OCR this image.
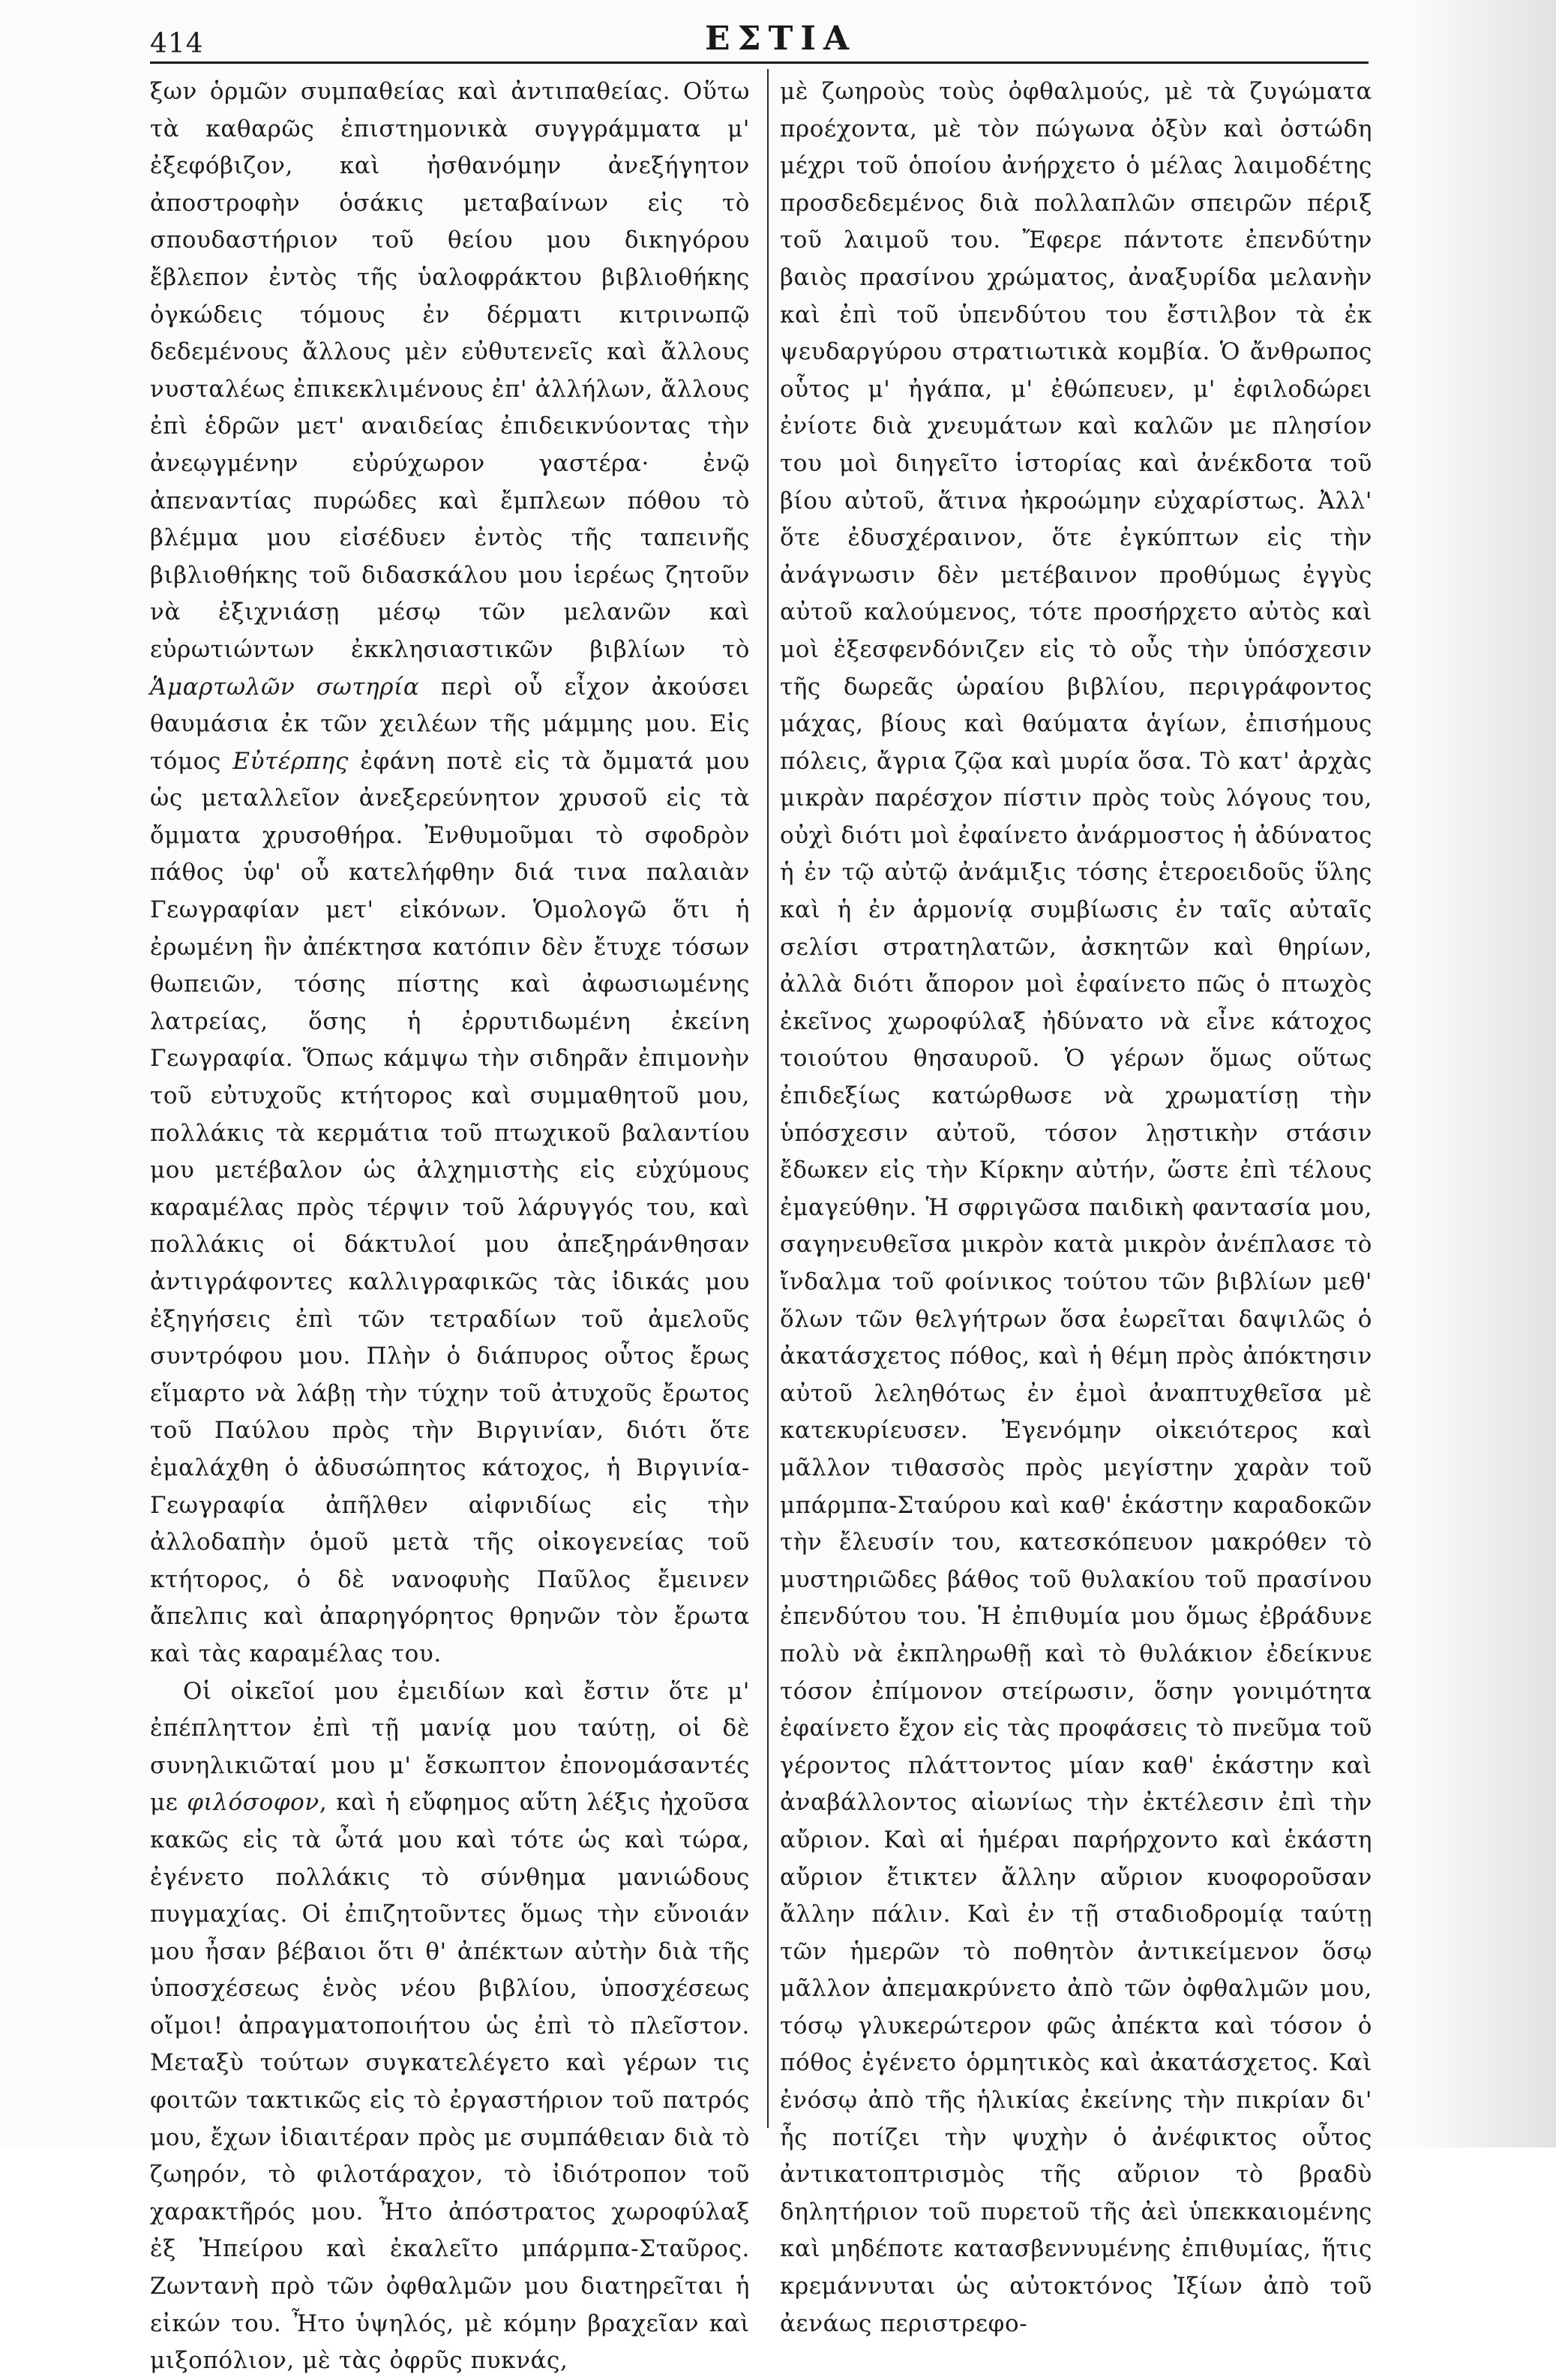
414	ΕΣΤΙΑ

ξων ὁρμῶν συμπαθείας καὶ ἀντιπαθείας. Οὕτω τὰ καθαρῶς ἐπιστημονικὰ συγγράμματα μ' ἐξεφόβιζον, καὶ ἠσθανόμην ἀνεξήγητον ἀποστροφὴν ὁσάκις μεταβαίνων εἰς τὸ σπουδαστήριον τοῦ θείου μου δικηγόρου ἔβλεπον ἐντὸς τῆς ὑαλοφράκτου βιβλιοθήκης ὀγκώδεις τόμους ἐν δέρματι κιτρινωπῷ δεδεμένους ἄλλους μὲν εὐθυτενεῖς καὶ ἄλλους νυσταλέως ἐπικεκλιμένους ἐπ' ἀλλήλων, ἄλλους ἐπὶ ἑδρῶν μετ' αναιδείας ἐπιδεικνύοντας τὴν ἀνεῳγμένην εὐρύχωρον γαστέρα· ἐνῷ ἀπεναντίας πυρώδες καὶ ἔμπλεων πόθου τὸ βλέμμα μου εἰσέδυεν ἐντὸς τῆς ταπεινῆς βιβλιοθήκης τοῦ διδασκάλου μου ἱερέως ζητοῦν νὰ ἐξιχνιάσῃ μέσῳ τῶν μελανῶν καὶ εὐρωτιώντων ἐκκλησιαστικῶν βιβλίων τὸ Ἁμαρτωλῶν σωτηρία περὶ οὗ εἶχον ἀκούσει θαυμάσια ἐκ τῶν χειλέων τῆς μάμμης μου. Εἰς τόμος Εὐτέρπης ἐφάνη ποτὲ εἰς τὰ ὄμματά μου ὡς μεταλλεῖον ἀνεξερεύνητον χρυσοῦ εἰς τὰ ὄμματα χρυσοθήρα. Ἐνθυμοῦμαι τὸ σφοδρὸν πάθος ὑφ' οὗ κατελήφθην διά τινα παλαιὰν Γεωγραφίαν μετ' εἰκόνων. Ὁμολογῶ ὅτι ἡ ἐρωμένη ἣν ἀπέκτησα κατόπιν δὲν ἔτυχε τόσων θωπειῶν, τόσης πίστης καὶ ἀφωσιωμένης λατρείας, ὅσης ἡ ἐρρυτιδωμένη ἐκείνη Γεωγραφία. Ὅπως κάμψω τὴν σιδηρᾶν ἐπιμονὴν τοῦ εὐτυχοῦς κτήτορος καὶ συμμαθητοῦ μου, πολλάκις τὰ κερμάτια τοῦ πτωχικοῦ βαλαντίου μου μετέβαλον ὡς ἀλχημιστὴς εἰς εὐχύμους καραμέλας πρὸς τέρψιν τοῦ λάρυγγός του, καὶ πολλάκις οἱ δάκτυλοί μου ἀπεξηράνθησαν ἀντιγράφοντες καλλιγραφικῶς τὰς ἰδικάς μου ἐξηγήσεις ἐπὶ τῶν τετραδίων τοῦ ἀμελοῦς συντρόφου μου. Πλὴν ὁ διάπυρος οὗτος ἔρως εἵμαρτο νὰ λάβῃ τὴν τύχην τοῦ ἀτυχοῦς ἔρωτος τοῦ Παύλου πρὸς τὴν Βιργινίαν, διότι ὅτε ἐμαλάχθη ὁ ἀδυσώπητος κάτοχος, ἡ Βιργινία-Γεωγραφία ἀπῆλθεν αἰφνιδίως εἰς τὴν ἀλλοδαπὴν ὁμοῦ μετὰ τῆς οἰκογενείας τοῦ κτήτορος, ὁ δὲ νανοφυὴς Παῦλος ἔμεινεν ἄπελπις καὶ ἀπαρηγόρητος θρηνῶν τὸν ἔρωτα καὶ τὰς καραμέλας του.

Οἱ οἰκεῖοί μου ἐμειδίων καὶ ἔστιν ὅτε μ' ἐπέπληττον ἐπὶ τῇ μανίᾳ μου ταύτῃ, οἱ δὲ συνηλικιῶταί μου μ' ἔσκωπτον ἐπονομάσαντές με φιλόσοφον, καὶ ἡ εὔφημος αὕτη λέξις ἠχοῦσα κακῶς εἰς τὰ ὦτά μου καὶ τότε ὡς καὶ τώρα, ἐγένετο πολλάκις τὸ σύνθημα μανιώδους πυγμαχίας. Οἱ ἐπιζητοῦντες ὅμως τὴν εὔνοιάν μου ἦσαν βέβαιοι ὅτι θ' ἀπέκτων αὐτὴν διὰ τῆς ὑποσχέσεως ἑνὸς νέου βιβλίου, ὑποσχέσεως οἴμοι! ἀπραγματοποιήτου ὡς ἐπὶ τὸ πλεῖστον. Μεταξὺ τούτων συγκατελέγετο καὶ γέρων τις φοιτῶν τακτικῶς εἰς τὸ ἐργαστήριον τοῦ πατρός μου, ἔχων ἰδιαιτέραν πρὸς με συμπάθειαν διὰ τὸ ζωηρόν, τὸ φιλοτάραχον, τὸ ἰδιότροπον τοῦ χαρακτῆρός μου. Ἦτο ἀπόστρατος χωροφύλαξ ἐξ Ἠπείρου καὶ ἐκαλεῖτο μπάρμπα-Σταῦρος. Ζωντανὴ πρὸ τῶν ὀφθαλμῶν μου διατηρεῖται ἡ εἰκών του. Ἦτο ὑψηλός, μὲ κόμην βραχεῖαν καὶ μιξοπόλιον, μὲ τὰς ὀφρῦς πυκνάς,

μὲ ζωηροὺς τοὺς ὀφθαλμούς, μὲ τὰ ζυγώματα προέχοντα, μὲ τὸν πώγωνα ὀξὺν καὶ ὀστώδη μέχρι τοῦ ὁποίου ἀνήρχετο ὁ μέλας λαιμοδέτης προσδεδεμένος διὰ πολλαπλῶν σπειρῶν πέριξ τοῦ λαιμοῦ του. Ἔφερε πάντοτε ἐπενδύτην βαιὸς πρασίνου χρώματος, ἀναξυρίδα μελανὴν καὶ ἐπὶ τοῦ ὑπενδύτου του ἔστιλβον τὰ ἐκ ψευδαργύρου στρατιωτικὰ κομβία. Ὁ ἄνθρωπος οὗτος μ' ἠγάπα, μ' ἐθώπευεν, μ' ἐφιλοδώρει ἐνίοτε διὰ χνευμάτων καὶ καλῶν με πλησίον του μοὶ διηγεῖτο ἱστορίας καὶ ἀνέκδοτα τοῦ βίου αὐτοῦ, ἅτινα ἠκροώμην εὐχαρίστως. Ἀλλ' ὅτε ἐδυσχέραινον, ὅτε ἐγκύπτων εἰς τὴν ἀνάγνωσιν δὲν μετέβαινον προθύμως ἐγγὺς αὐτοῦ καλούμενος, τότε προσήρχετο αὐτὸς καὶ μοὶ ἐξεσφενδόνιζεν εἰς τὸ οὖς τὴν ὑπόσχεσιν τῆς δωρεᾶς ὡραίου βιβλίου, περιγράφοντος μάχας, βίους καὶ θαύματα ἁγίων, ἐπισήμους πόλεις, ἄγρια ζῷα καὶ μυρία ὅσα. Τὸ κατ' ἀρχὰς μικρὰν παρέσχον πίστιν πρὸς τοὺς λόγους του, οὐχὶ διότι μοὶ ἐφαίνετο ἀνάρμοστος ἡ ἀδύνατος ἡ ἐν τῷ αὐτῷ ἀνάμιξις τόσης ἑτεροειδοῦς ὕλης καὶ ἡ ἐν ἁρμονίᾳ συμβίωσις ἐν ταῖς αὐταῖς σελίσι στρατηλατῶν, ἀσκητῶν καὶ θηρίων, ἀλλὰ διότι ἄπορον μοὶ ἐφαίνετο πῶς ὁ πτωχὸς ἐκεῖνος χωροφύλαξ ἠδύνατο νὰ εἶνε κάτοχος τοιούτου θησαυροῦ. Ὁ γέρων ὅμως οὕτως ἐπιδεξίως κατώρθωσε νὰ χρωματίσῃ τὴν ὑπόσχεσιν αὐτοῦ, τόσον λῃστικὴν στάσιν ἔδωκεν εἰς τὴν Κίρκην αὐτήν, ὥστε ἐπὶ τέλους ἐμαγεύθην. Ἡ σφριγῶσα παιδικὴ φαντασία μου, σαγηνευθεῖσα μικρὸν κατὰ μικρὸν ἀνέπλασε τὸ ἴνδαλμα τοῦ φοίνικος τούτου τῶν βιβλίων μεθ' ὅλων τῶν θελγήτρων ὅσα ἐωρεῖται δαψιλῶς ὁ ἀκατάσχετος πόθος, καὶ ἡ θέμη πρὸς ἀπόκτησιν αὐτοῦ λεληθότως ἐν ἐμοὶ ἀναπτυχθεῖσα μὲ κατεκυρίευσεν. Ἐγενόμην οἰκειότερος καὶ μᾶλλον τιθασσὸς πρὸς μεγίστην χαρὰν τοῦ μπάρμπα-Σταύρου καὶ καθ' ἑκάστην καραδοκῶν τὴν ἔλευσίν του, κατεσκόπευον μακρόθεν τὸ μυστηριῶδες βάθος τοῦ θυλακίου τοῦ πρασίνου ἐπενδύτου του. Ἡ ἐπιθυμία μου ὅμως ἐβράδυνε πολὺ νὰ ἐκπληρωθῇ καὶ τὸ θυλάκιον ἐδείκνυε τόσον ἐπίμονον στείρωσιν, ὅσην γονιμότητα ἐφαίνετο ἔχον εἰς τὰς προφάσεις τὸ πνεῦμα τοῦ γέροντος πλάττοντος μίαν καθ' ἑκάστην καὶ ἀναβάλλοντος αἰωνίως τὴν ἐκτέλεσιν ἐπὶ τὴν αὔριον. Καὶ αἱ ἡμέραι παρήρχοντο καὶ ἑκάστη αὔριον ἔτικτεν ἄλλην αὔριον κυοφοροῦσαν ἄλλην πάλιν. Καὶ ἐν τῇ σταδιοδρομίᾳ ταύτῃ τῶν ἡμερῶν τὸ ποθητὸν ἀντικείμενον ὅσῳ μᾶλλον ἀπεμακρύνετο ἀπὸ τῶν ὀφθαλμῶν μου, τόσῳ γλυκερώτερον φῶς ἀπέκτα καὶ τόσον ὁ πόθος ἐγένετο ὁρμητικὸς καὶ ἀκατάσχετος. Καὶ ἐνόσῳ ἀπὸ τῆς ἡλικίας ἐκείνης τὴν πικρίαν δι' ἧς ποτίζει τὴν ψυχὴν ὁ ἀνέφικτος οὗτος ἀντικατοπτρισμὸς τῆς αὔριον τὸ βραδὺ δηλητήριον τοῦ πυρετοῦ τῆς ἀεὶ ὑπεκκαιομένης καὶ μηδέποτε κατασβεννυμένης ἐπιθυμίας, ἥτις κρεμάννυται ὡς αὐτοκτόνος Ἰξίων ἀπὸ τοῦ ἀενάως περιστρεφο-
